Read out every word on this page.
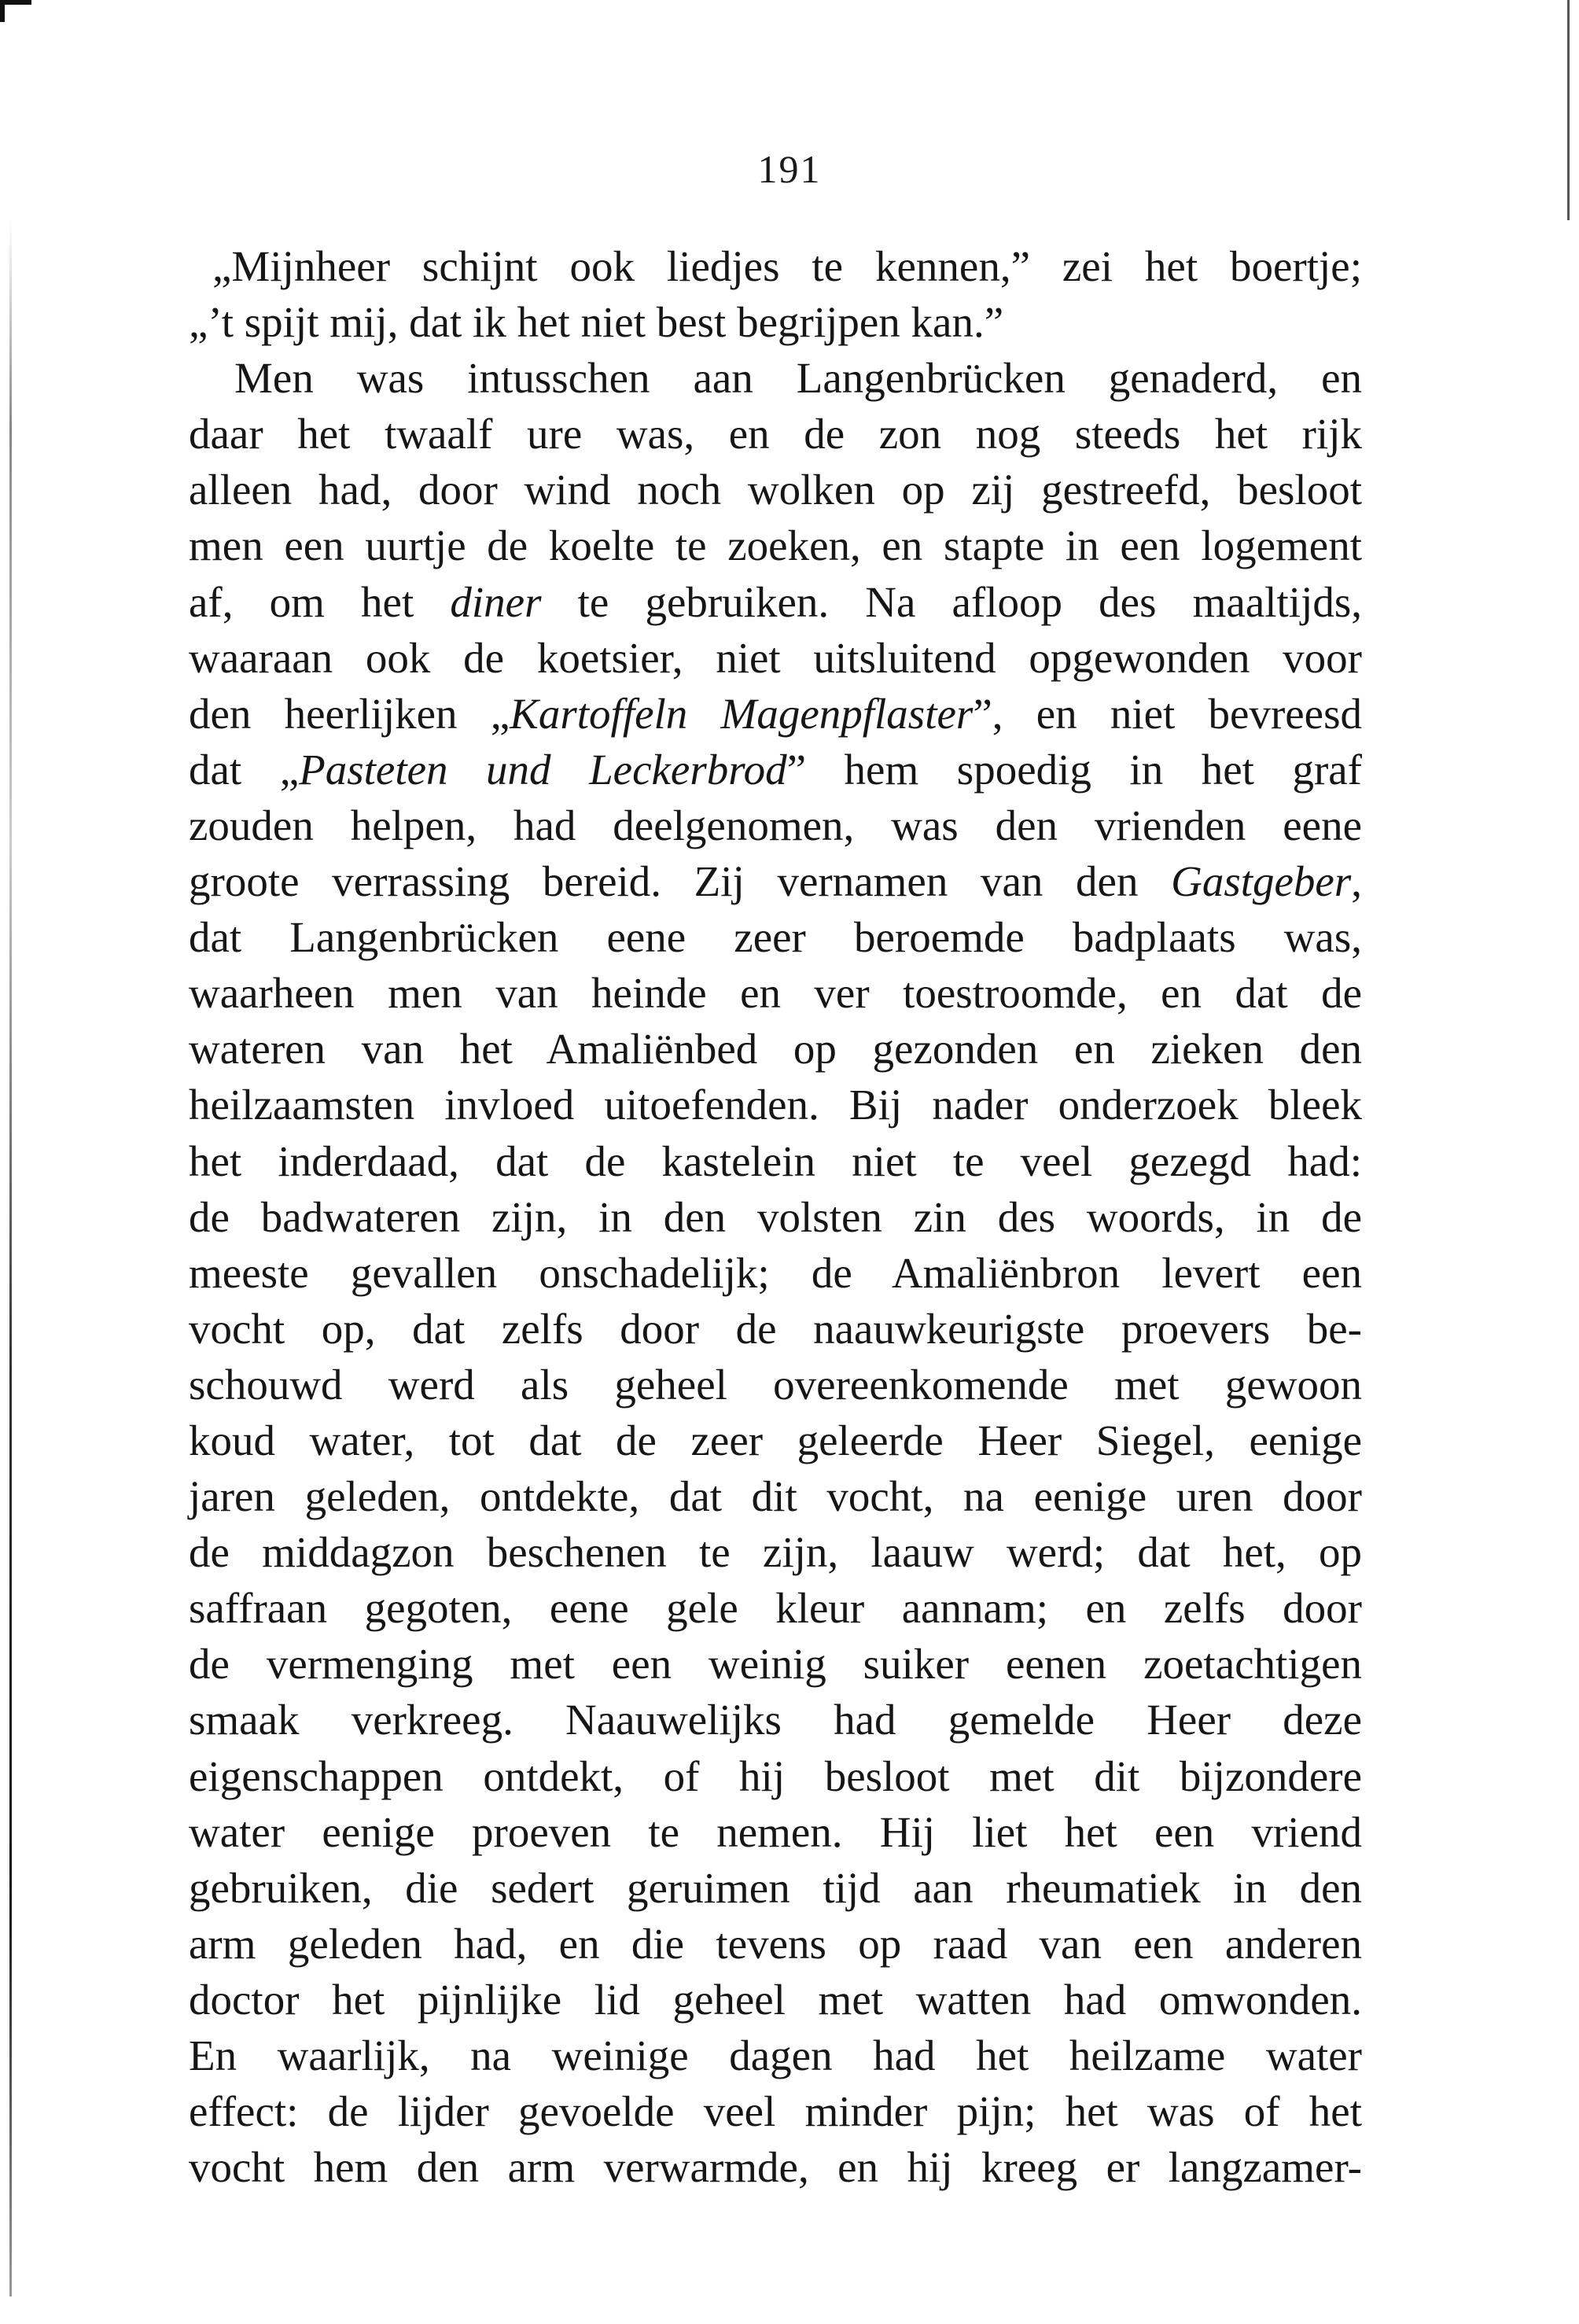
191
„Mijnheer schijnt ook liedjes te kennen,” zei het boertje;
„’t spijt mij, dat ik het niet best begrijpen kan.”
Men was intusschen aan Langenbrücken genaderd, en
daar het twaalf ure was, en de zon nog steeds het rijk
alleen had, door wind noch wolken op zij gestreefd, besloot
men een uurtje de koelte te zoeken, en stapte in een logement
af, om het diner te gebruiken. Na afloop des maaltijds,
waaraan ook de koetsier, niet uitsluitend opgewonden voor
den heerlijken „Kartoffeln Magenpflaster”, en niet bevreesd
dat „Pasteten und Leckerbrod” hem spoedig in het graf
zouden helpen, had deelgenomen, was den vrienden eene
groote verrassing bereid. Zij vernamen van den Gastgeber,
dat Langenbrücken eene zeer beroemde badplaats was,
waarheen men van heinde en ver toestroomde, en dat de
wateren van het Amaliënbed op gezonden en zieken den
heilzaamsten invloed uitoefenden. Bij nader onderzoek bleek
het inderdaad, dat de kastelein niet te veel gezegd had:
de badwateren zijn, in den volsten zin des woords, in de
meeste gevallen onschadelijk; de Amaliënbron levert een
vocht op, dat zelfs door de naauwkeurigste proevers be-
schouwd werd als geheel overeenkomende met gewoon
koud water, tot dat de zeer geleerde Heer Siegel, eenige
jaren geleden, ontdekte, dat dit vocht, na eenige uren door
de middagzon beschenen te zijn, laauw werd; dat het, op
saffraan gegoten, eene gele kleur aannam; en zelfs door
de vermenging met een weinig suiker eenen zoetachtigen
smaak verkreeg. Naauwelijks had gemelde Heer deze
eigenschappen ontdekt, of hij besloot met dit bijzondere
water eenige proeven te nemen. Hij liet het een vriend
gebruiken, die sedert geruimen tijd aan rheumatiek in den
arm geleden had, en die tevens op raad van een anderen
doctor het pijnlijke lid geheel met watten had omwonden.
En waarlijk, na weinige dagen had het heilzame water
effect: de lijder gevoelde veel minder pijn; het was of het
vocht hem den arm verwarmde, en hij kreeg er langzamer-
